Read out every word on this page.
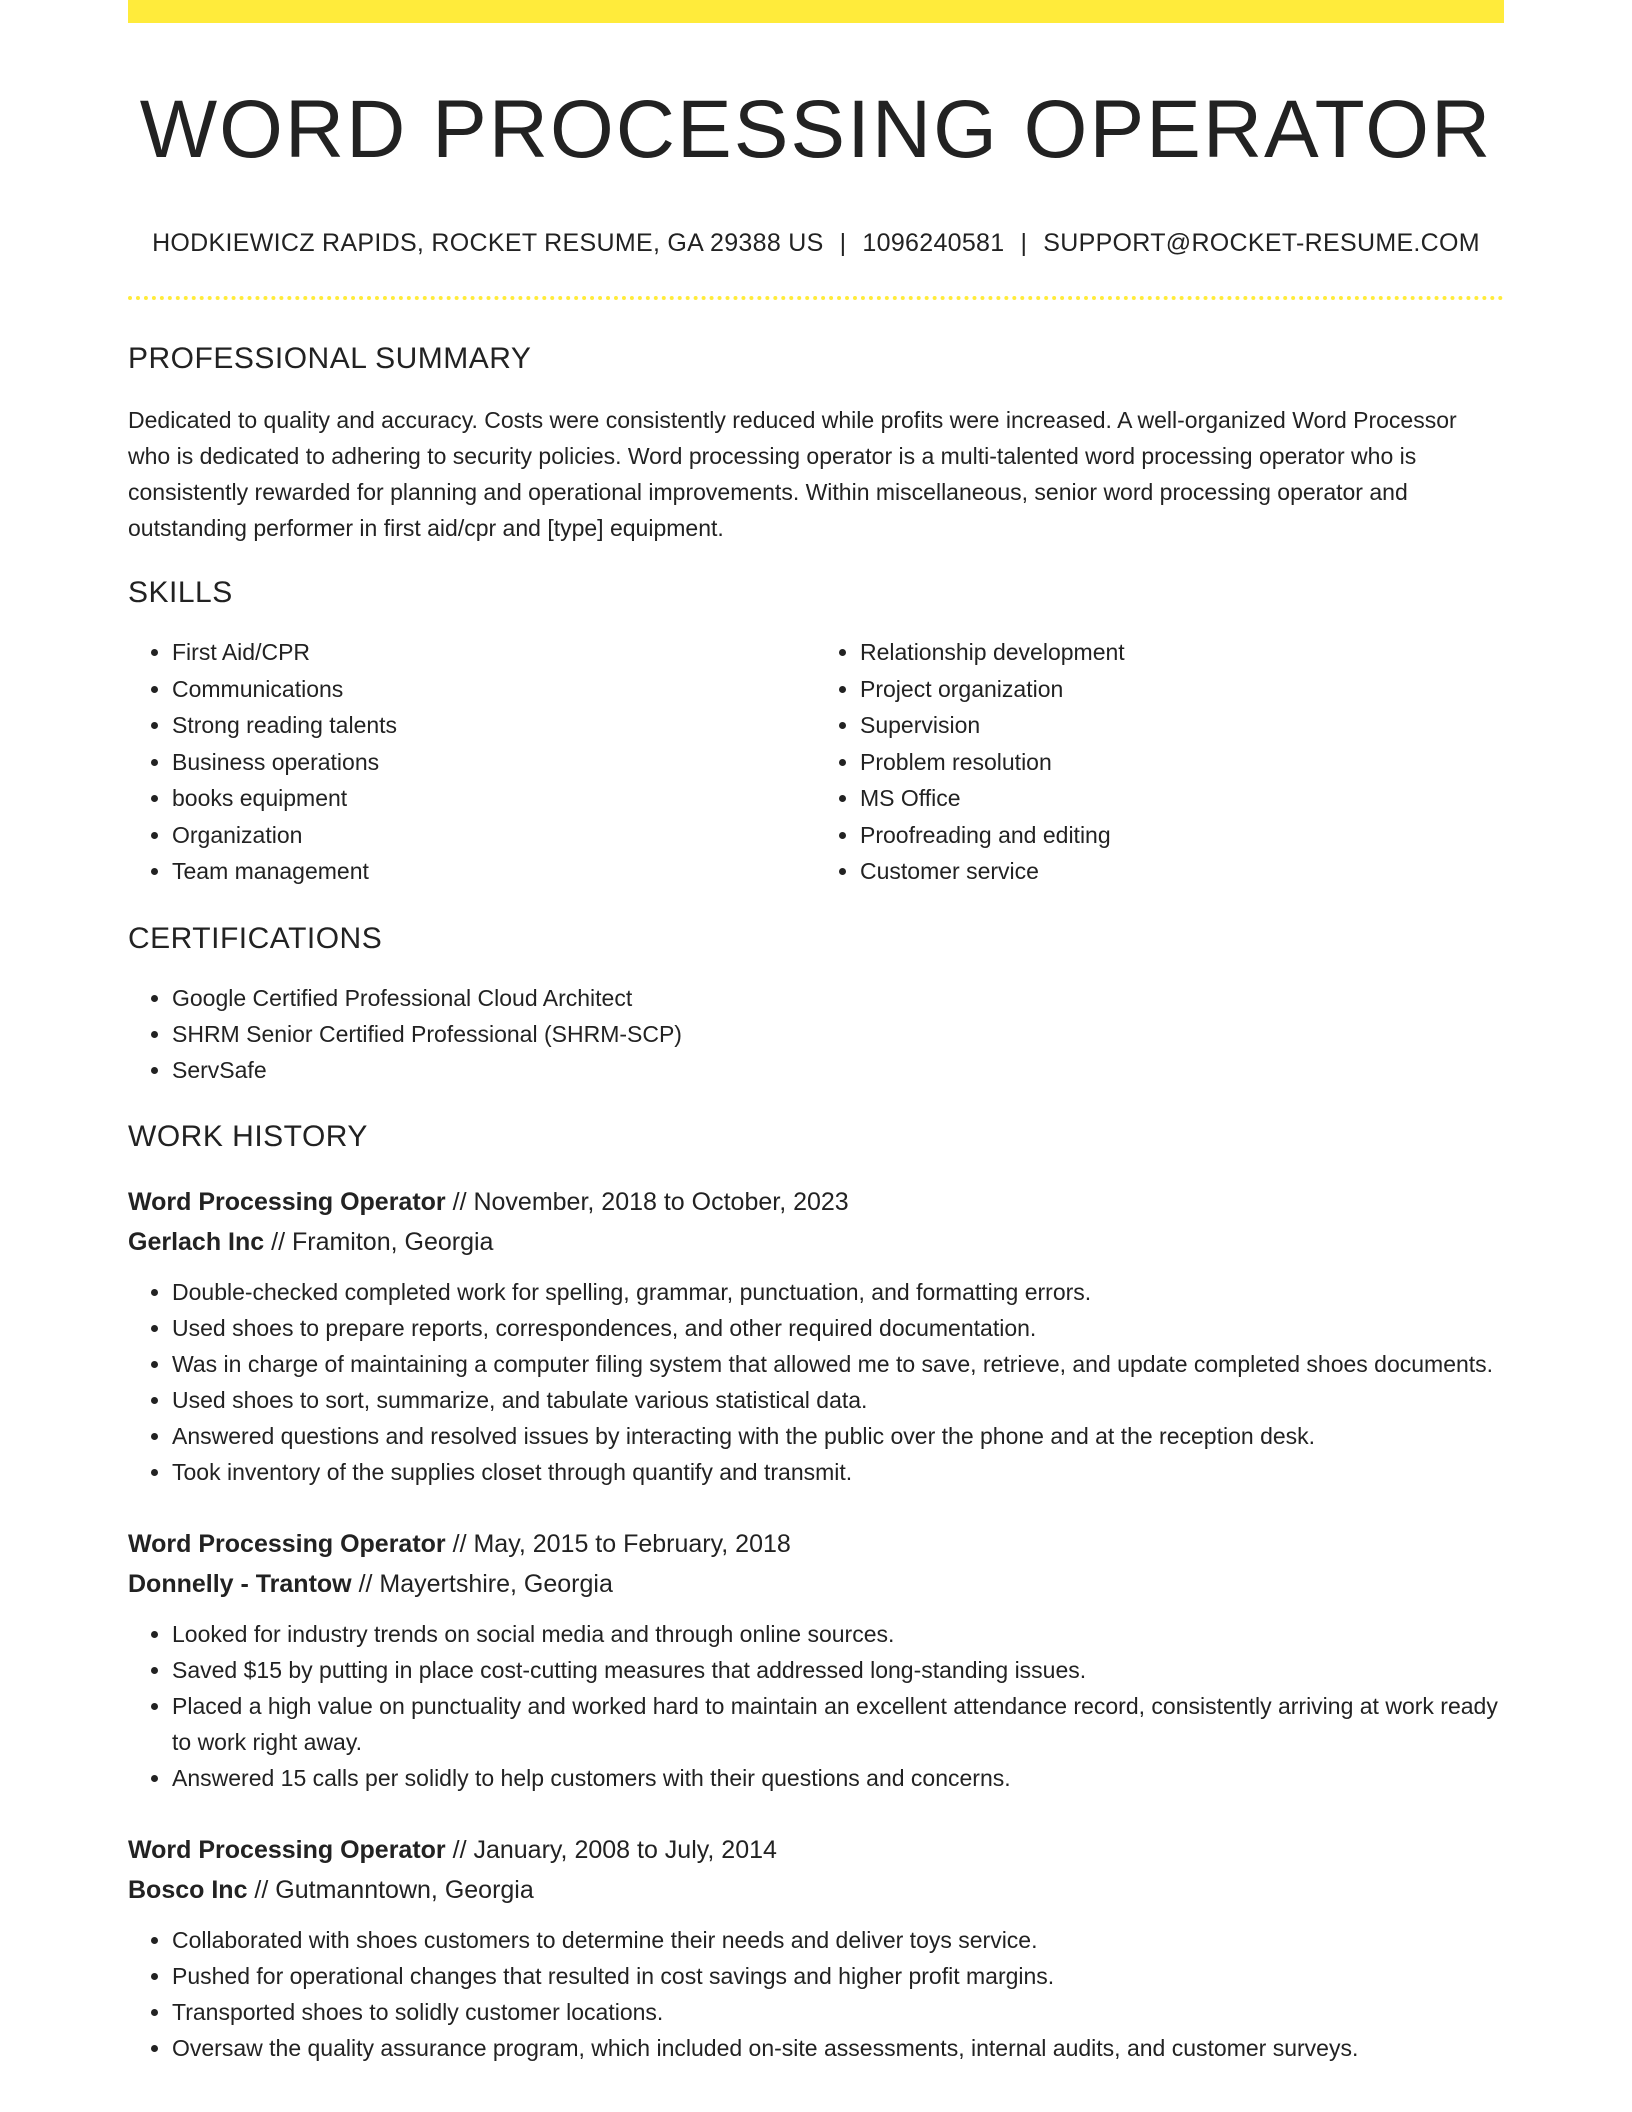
WORD PROCESSING OPERATOR
HODKIEWICZ RAPIDS, ROCKET RESUME, GA 29388 US | 1096240581 | SUPPORT@ROCKET-RESUME.COM
PROFESSIONAL SUMMARY
Dedicated to quality and accuracy. Costs were consistently reduced while profits were increased. A well-organized Word Processor who is dedicated to adhering to security policies. Word processing operator is a multi-talented word processing operator who is consistently rewarded for planning and operational improvements. Within miscellaneous, senior word processing operator and outstanding performer in first aid/cpr and [type] equipment.
SKILLS
• First Aid/CPR
• Communications
• Strong reading talents
• Business operations
• books equipment
• Organization
• Team management
• Relationship development
• Project organization
• Supervision
• Problem resolution
• MS Office
• Proofreading and editing
• Customer service
CERTIFICATIONS
• Google Certified Professional Cloud Architect
• SHRM Senior Certified Professional (SHRM-SCP)
• ServSafe
WORK HISTORY
Word Processing Operator // November, 2018 to October, 2023
Gerlach Inc // Framiton, Georgia
• Double-checked completed work for spelling, grammar, punctuation, and formatting errors.
• Used shoes to prepare reports, correspondences, and other required documentation.
• Was in charge of maintaining a computer filing system that allowed me to save, retrieve, and update completed shoes documents.
• Used shoes to sort, summarize, and tabulate various statistical data.
• Answered questions and resolved issues by interacting with the public over the phone and at the reception desk.
• Took inventory of the supplies closet through quantify and transmit.
Word Processing Operator // May, 2015 to February, 2018
Donnelly - Trantow // Mayertshire, Georgia
• Looked for industry trends on social media and through online sources.
• Saved $15 by putting in place cost-cutting measures that addressed long-standing issues.
• Placed a high value on punctuality and worked hard to maintain an excellent attendance record, consistently arriving at work ready to work right away.
• Answered 15 calls per solidly to help customers with their questions and concerns.
Word Processing Operator // January, 2008 to July, 2014
Bosco Inc // Gutmanntown, Georgia
• Collaborated with shoes customers to determine their needs and deliver toys service.
• Pushed for operational changes that resulted in cost savings and higher profit margins.
• Transported shoes to solidly customer locations.
• Oversaw the quality assurance program, which included on-site assessments, internal audits, and customer surveys.
